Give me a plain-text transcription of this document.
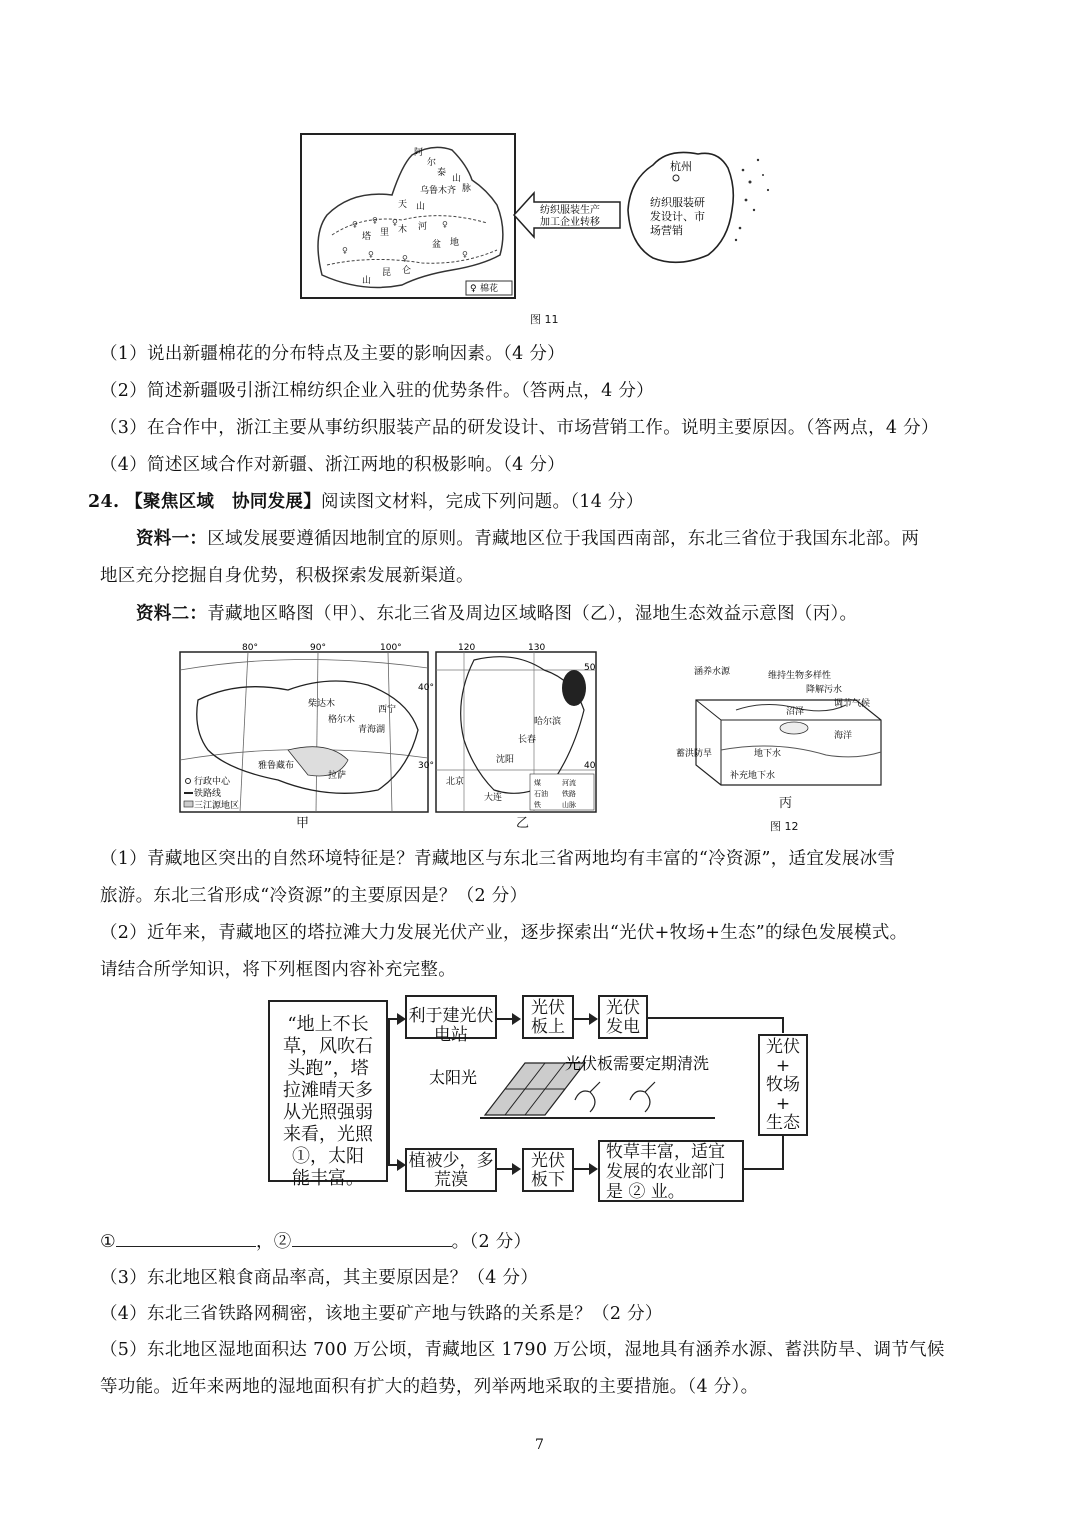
阿
尔
泰
山
脉
乌鲁木齐
天 山
塔 里 木 河
盆 地
山
昆 仑
♀ ♀ ♀	♀
♀	♀	♀	♀
♀ 棉花
纺织服装生产
加工企业转移
杭州
纺织服装研
发设计、市
场营销
图 11
（1）说出新疆棉花的分布特点及主要的影响因素。（4 分）
（2）简述新疆吸引浙江棉纺织企业入驻的优势条件。（答两点，4 分）
（3）在合作中，浙江主要从事纺织服装产品的研发设计、市场营销工作。说明主要原因。（答两点，4 分）
（4）简述区域合作对新疆、浙江两地的积极影响。（4 分）
24. 【聚焦区域　协同发展】阅读图文材料，完成下列问题。（14 分）
资料一：区域发展要遵循因地制宜的原则。青藏地区位于我国西南部，东北三省位于我国东北部。两
地区充分挖掘自身优势，积极探索发展新渠道。
资料二：青藏地区略图（甲）、东北三省及周边区域略图（乙），湿地生态效益示意图（丙）。
80°	90°	100°
40°
30°
西宁
格尔木
青海湖
柴达木
拉萨
雅鲁藏布
行政中心
铁路线
三江源地区
甲
120	130
50
40
哈尔滨
长春
沈阳
北京
大连
煤	河流
石油 铁路
铁	山脉
乙
涵养水源	维持生物多样性
降解污水
调节气候
沼泽
海洋
蓄洪防旱	地下水
补充地下水
丙
图 12
（1）青藏地区突出的自然环境特征是？青藏地区与东北三省两地均有丰富的“冷资源”，适宜发展冰雪
旅游。东北三省形成“冷资源”的主要原因是？（2 分）
（2）近年来，青藏地区的塔拉滩大力发展光伏产业，逐步探索出“光伏+牧场+生态”的绿色发展模式。
请结合所学知识，将下列框图内容补充完整。
“地上不长
草，风吹石
头跑”，塔
拉滩晴天多
从光照强弱
来看，光照
①，太阳
能丰富。
利于建光伏电站
光伏板上
光伏发电
光伏
+
牧场
+
生态
太阳光
光伏板需要定期清洗
植被少，多荒漠
光伏板下
牧草丰富，适宜
发展的农业部门
是 ② 业。
①	，②	。（2 分）
（3）东北地区粮食商品率高，其主要原因是？（4 分）
（4）东北三省铁路网稠密，该地主要矿产地与铁路的关系是？（2 分）
（5）东北地区湿地面积达 700 万公顷，青藏地区 1790 万公顷，湿地具有涵养水源、蓄洪防旱、调节气候
等功能。近年来两地的湿地面积有扩大的趋势，列举两地采取的主要措施。（4 分）。
7
